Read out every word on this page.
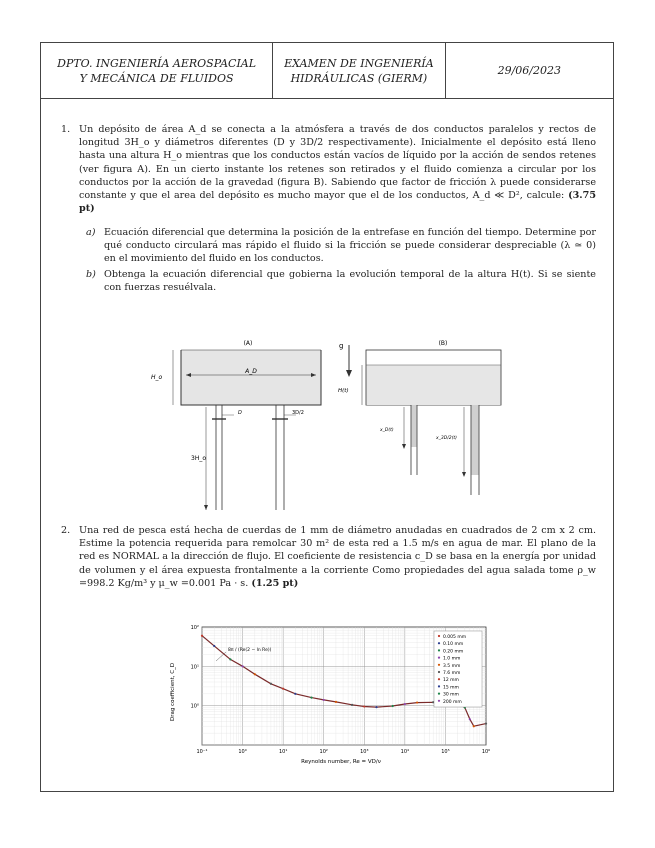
DPTO. INGENIERÍA AEROSPACIAL
Y MECÁNICA DE FLUIDOS
EXAMEN DE INGENIERÍA
HIDRÁULICAS (GIERM)
29/06/2023
1. Un depósito de área A_d se conecta a la atmósfera a través de dos conductos paralelos y rectos de longitud 3H_o y diámetros diferentes (D y 3D/2 respectivamente). Inicialmente el depósito está lleno hasta una altura H_o mientras que los conductos están vacíos de líquido por la acción de sendos retenes (ver figura A). En un cierto instante los retenes son retirados y el fluido comienza a circular por los conductos por la acción de la gravedad (figura B). Sabiendo que factor de fricción λ puede considerarse constante y que el area del depósito es mucho mayor que el de los conductos, A_d ≪ D², calcule: (3.75 pt)
a) Ecuación diferencial que determina la posición de la entrefase en función del tiempo. Determine por qué conducto circulará mas rápido el fluido si la fricción se puede considerar despreciable (λ ≃ 0) en el movimiento del fluido en los conductos.
b) Obtenga la ecuación diferencial que gobierna la evolución temporal de la altura H(t). Si se siente con fuerzas resuélvala.
(A)
H_o
A_D
D	3D/2
3H_o
g	(B)
H(t)
x_D(t)
x_3D/2(t)
2. Una red de pesca está hecha de cuerdas de 1 mm de diámetro anudadas en cuadrados de 2 cm x 2 cm. Estime la potencia requerida para remolcar 30 m² de esta red a 1.5 m/s en agua de mar. El plano de la red es NORMAL a la dirección de flujo. El coeficiente de resistencia c_D se basa en la energía por unidad de volumen y el área expuesta frontalmente a la corriente Como propiedades del agua salada tome ρ_w =998.2 Kg/m³ y μ_w =0.001 Pa · s. (1.25 pt)
10⁻¹	10⁰	10¹	10²	10³	10⁴	10⁵	10⁶
10²
10¹
10⁰
8π / (Re(2 − ln Re))
0.005 mm
0.10 mm
0.20 mm
1.0 mm
3.5 mm
7.6 mm
12 mm
15 mm
30 mm
200 mm
Drag coefficient, C_D
Reynolds number, Re = VD/ν
